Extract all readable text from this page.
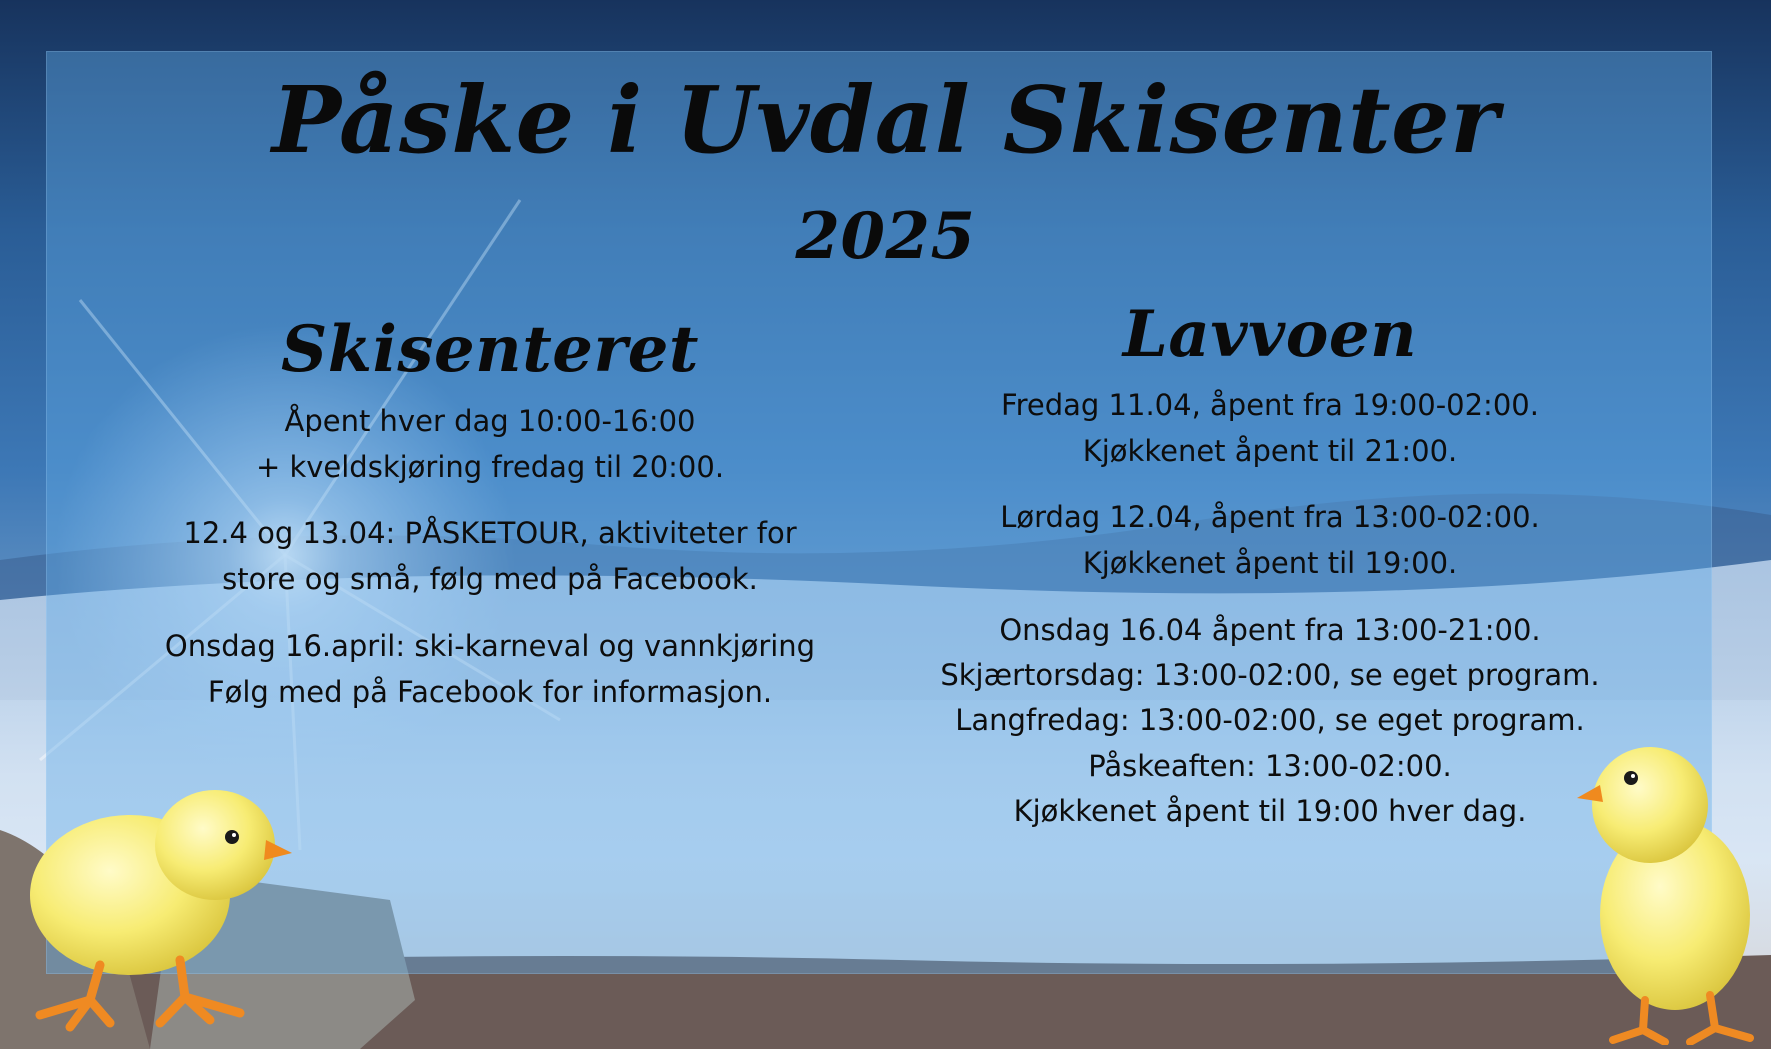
Påske i Uvdal Skisenter
2025
Skisenteret
Åpent hver dag 10:00-16:00
+ kveldskjøring fredag til 20:00.
12.4 og 13.04: PÅSKETOUR, aktiviteter for
store og små, følg med på Facebook.
Onsdag 16.april: ski-karneval og vannkjøring
Følg med på Facebook for informasjon.
Lavvoen
Fredag 11.04, åpent fra 19:00-02:00.
Kjøkkenet åpent til 21:00.
Lørdag 12.04, åpent fra 13:00-02:00.
Kjøkkenet åpent til 19:00.
Onsdag 16.04 åpent fra 13:00-21:00.
Skjærtorsdag: 13:00-02:00, se eget program.
Langfredag: 13:00-02:00, se eget program.
Påskeaften: 13:00-02:00.
Kjøkkenet åpent til 19:00 hver dag.
